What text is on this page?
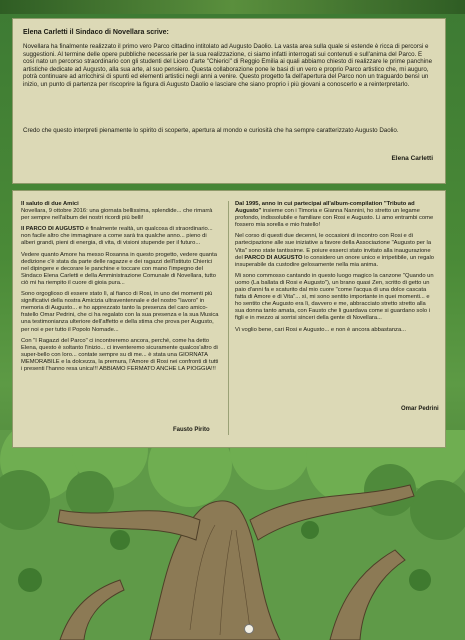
Elena Carletti il Sindaco di Novellara scrive:

Novellara ha finalmente realizzato il primo vero Parco cittadino intitolato ad Augusto Daolio. La vasta area sulla quale si estende è ricca di percorsi e suggestioni. Al termine delle opere pubbliche necessarie per la sua realizzazione, ci siamo infatti interrogati sui contenuti e sull'anima del Parco. E così nato un percorso straordinario con gli studenti del Liceo d'arte "Chierici" di Reggio Emilia ai quali abbiamo chiesto di realizzare le prime panchine artistiche dedicate ad Augusto, alla sua arte, al suo pensiero. Questa collaborazione pone le basi di un vero e proprio Parco artistico che, mi auguro, potrà continuare ad arricchirsi di spunti ed elementi artistici negli anni a venire. Questo progetto fa dell'apertura del Parco non un traguardo bensì un inizio, un punto di partenza per riscoprire la figura di Augusto Daolio e lasciare che siano proprio i più giovani a conoscerlo e a reinterpretarlo.

Credo che questo interpreti pienamente lo spirito di scoperte, apertura al mondo e curiosità che ha sempre caratterizzato Augusto Daolio.

Elena Carletti

Il saluto di due Amici
Novellara, 9 ottobre 2016: una giornata bellissima, splendide... che rimarrà per sempre nell'album dei nostri ricordi più belli!

Il PARCO DI AUGUSTO è finalmente realtà, un qualcosa di straordinario... non facile altro che immaginare a come sarà tra qualche anno... pieno di alberi grandi, pieni di energia, di vita, di visioni stupende per il futuro...

Vedere quanto Amore ha messo Rosanna in questo progetto, vedere quanta dedizione c'è stata da parte delle ragazze e dei ragazzi dell'Istituto Chierici nel dipingere e decorare le panchine e toccare con mano l'impegno del Sindaco Elena Carletti e della Amministrazione Comunale di Novellara, tutto ciò mi ha riempito il cuore di gioia pura...

Sono orgoglioso di essere stato lì, al fianco di Rosi, in uno dei momenti più significativi della nostra Amicizia ultraventennale e del nostro "lavoro" in memoria di Augusto... e ho apprezzato tanto la presenza del caro amico-fratello Omar Pedrini, che ci ha regalato con la sua presenza e la sua Musica una testimonianza ulteriore dell'affetto e della stima che prova per Augusto, per noi e per tutto il Popolo Nomade...

Con "I Ragazzi del Parco" ci incontreremo ancora, perché, come ha detto Elena, questo è soltanto l'inizio... ci inventeremo sicuramente qualcos'altro di super-bello con loro... contate sempre su di me... è stata una GIORNATA MEMORABILE e la dolcezza, la premura, l'Amore di Rosi nei confronti di tutti i presenti l'hanno resa unica!!! ABBIAMO FERMATO ANCHE LA PIOGGIA!!!

Fausto Pirito

Dal 1995, anno in cui partecipai all'album-compilation "Tributo ad Augusto" insieme con i Timoria e Gianna Nannini, ho stretto un legame profondo, indissolubile e familiare con Rosi e Augusto. Li amo entrambi come fossero mia sorella e mio fratello!

Nel corso di questi due decenni, le occasioni di incontro con Rosi e di partecipazione alle sue iniziative a favore della Associazione "Augusto per la Vita" sono state tantissime. E poiure esserci stato invitato alla inaugurazione del PARCO DI AUGUSTO lo considero un onore unico e irripetibile, un regalo insuperabile da custodire gelosamente nella mia anima.

Mi sono commosso cantando in questo luogo magico la canzone "Quando un uomo (La ballata di Rosi e Augusto"), un brano quasi Zen, scritto di getto un paio d'anni fa e scaturito dal mio cuore "come l'acqua di una dolce cascata fatta di Amore e di Vita"... sì, mi sono sentito importante in quei momenti... e ho sentito che Augusto era lì, davvero e me, abbracciato stretto stretto alla sua donna tanto amata, con Fausto che li guardava come si guardano solo i figli e in mezzo ai sorrisi sinceri della gente di Novellara...

Vi voglio bene, cari Rosi e Augusto... e non è ancora abbastanza...

Omar Pedrini
